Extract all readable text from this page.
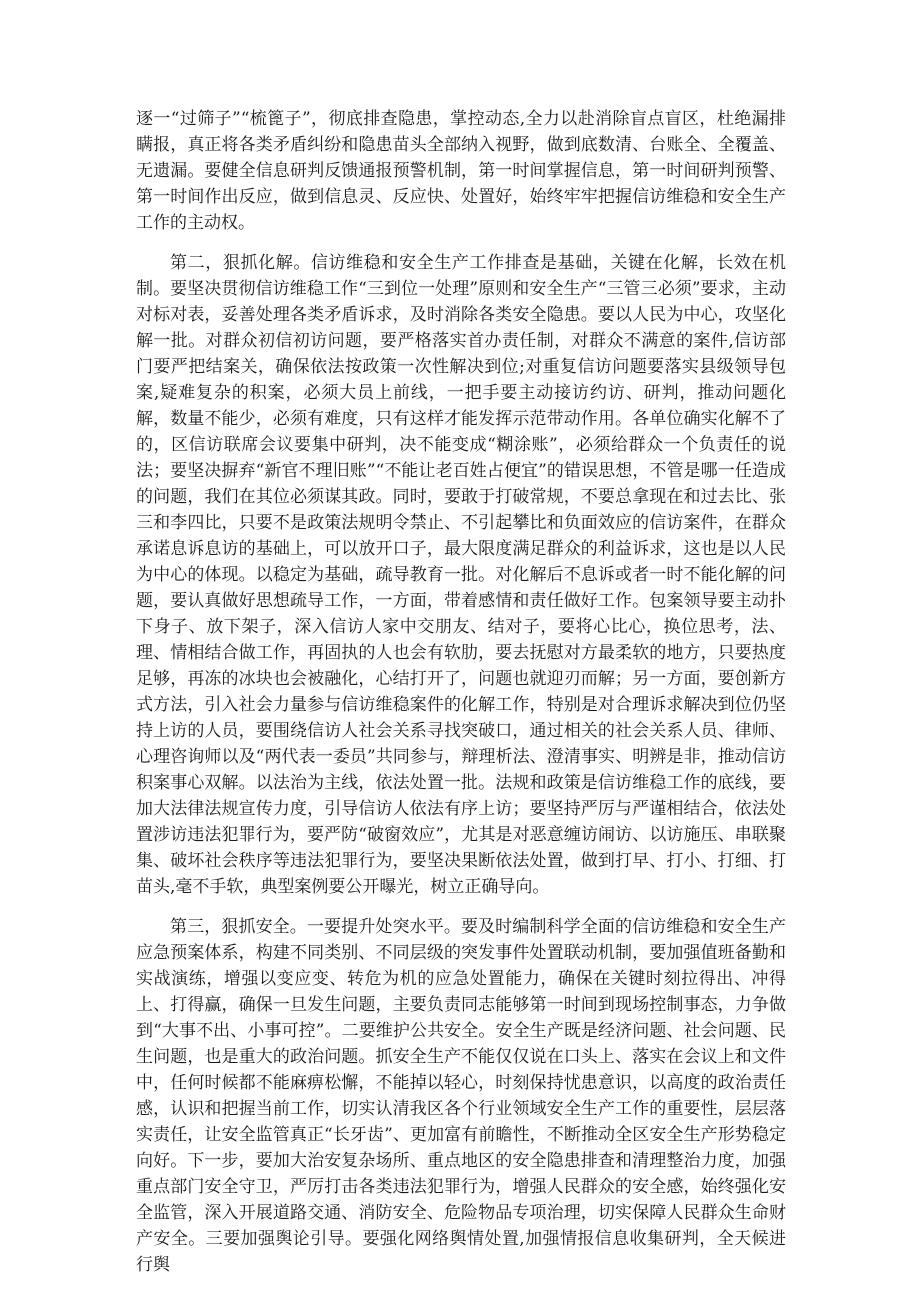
逐一“过筛子”“梳篦子”，彻底排查隐患，掌控动态,全力以赴消除盲点盲区，杜绝漏排瞒报，真正将各类矛盾纠纷和隐患苗头全部纳入视野，做到底数清、台账全、全覆盖、无遗漏。要健全信息研判反馈通报预警机制，第一时间掌握信息，第一时间研判预警、第一时间作出反应，做到信息灵、反应快、处置好，始终牢牢把握信访维稳和安全生产工作的主动权。

第二，狠抓化解。信访维稳和安全生产工作排查是基础，关键在化解，长效在机制。要坚决贯彻信访维稳工作“三到位一处理”原则和安全生产“三管三必须”要求，主动对标对表，妥善处理各类矛盾诉求，及时消除各类安全隐患。要以人民为中心，攻坚化解一批。对群众初信初访问题，要严格落实首办责任制，对群众不满意的案件,信访部门要严把结案关，确保依法按政策一次性解决到位;对重复信访问题要落实县级领导包案,疑难复杂的积案，必须大员上前线，一把手要主动接访约访、研判，推动问题化解，数量不能少，必须有难度，只有这样才能发挥示范带动作用。各单位确实化解不了的，区信访联席会议要集中研判，决不能变成“糊涂账”，必须给群众一个负责任的说法；要坚决摒弃“新官不理旧账”“不能让老百姓占便宜”的错误思想，不管是哪一任造成的问题，我们在其位必须谋其政。同时，要敢于打破常规，不要总拿现在和过去比、张三和李四比，只要不是政策法规明令禁止、不引起攀比和负面效应的信访案件，在群众承诺息诉息访的基础上，可以放开口子，最大限度满足群众的利益诉求，这也是以人民为中心的体现。以稳定为基础，疏导教育一批。对化解后不息诉或者一时不能化解的问题，要认真做好思想疏导工作，一方面，带着感情和责任做好工作。包案领导要主动扑下身子、放下架子，深入信访人家中交朋友、结对子，要将心比心，换位思考，法、理、情相结合做工作，再固执的人也会有软肋，要去抚慰对方最柔软的地方，只要热度足够，再冻的冰块也会被融化，心结打开了，问题也就迎刃而解；另一方面，要创新方式方法，引入社会力量参与信访维稳案件的化解工作，特别是对合理诉求解决到位仍坚持上访的人员，要围绕信访人社会关系寻找突破口，通过相关的社会关系人员、律师、心理咨询师以及“两代表一委员”共同参与，辩理析法、澄清事实、明辨是非，推动信访积案事心双解。以法治为主线，依法处置一批。法规和政策是信访维稳工作的底线，要加大法律法规宣传力度，引导信访人依法有序上访；要坚持严厉与严谨相结合，依法处置涉访违法犯罪行为，要严防“破窗效应”，尤其是对恶意缠访闹访、以访施压、串联聚集、破坏社会秩序等违法犯罪行为，要坚决果断依法处置，做到打早、打小、打细、打苗头,毫不手软，典型案例要公开曝光，树立正确导向。

第三，狠抓安全。一要提升处突水平。要及时编制科学全面的信访维稳和安全生产应急预案体系，构建不同类别、不同层级的突发事件处置联动机制，要加强值班备勤和实战演练，增强以变应变、转危为机的应急处置能力，确保在关键时刻拉得出、冲得上、打得赢，确保一旦发生问题，主要负责同志能够第一时间到现场控制事态，力争做到“大事不出、小事可控”。二要维护公共安全。安全生产既是经济问题、社会问题、民生问题，也是重大的政治问题。抓安全生产不能仅仅说在口头上、落实在会议上和文件中，任何时候都不能麻痹松懈，不能掉以轻心，时刻保持忧患意识，以高度的政治责任感，认识和把握当前工作，切实认清我区各个行业领域安全生产工作的重要性，层层落实责任，让安全监管真正“长牙齿”、更加富有前瞻性，不断推动全区安全生产形势稳定向好。下一步，要加大治安复杂场所、重点地区的安全隐患排查和清理整治力度，加强重点部门安全守卫，严厉打击各类违法犯罪行为，增强人民群众的安全感，始终强化安全监管，深入开展道路交通、消防安全、危险物品专项治理，切实保障人民群众生命财产安全。三要加强舆论引导。要强化网络舆情处置,加强情报信息收集研判，全天候进行舆
